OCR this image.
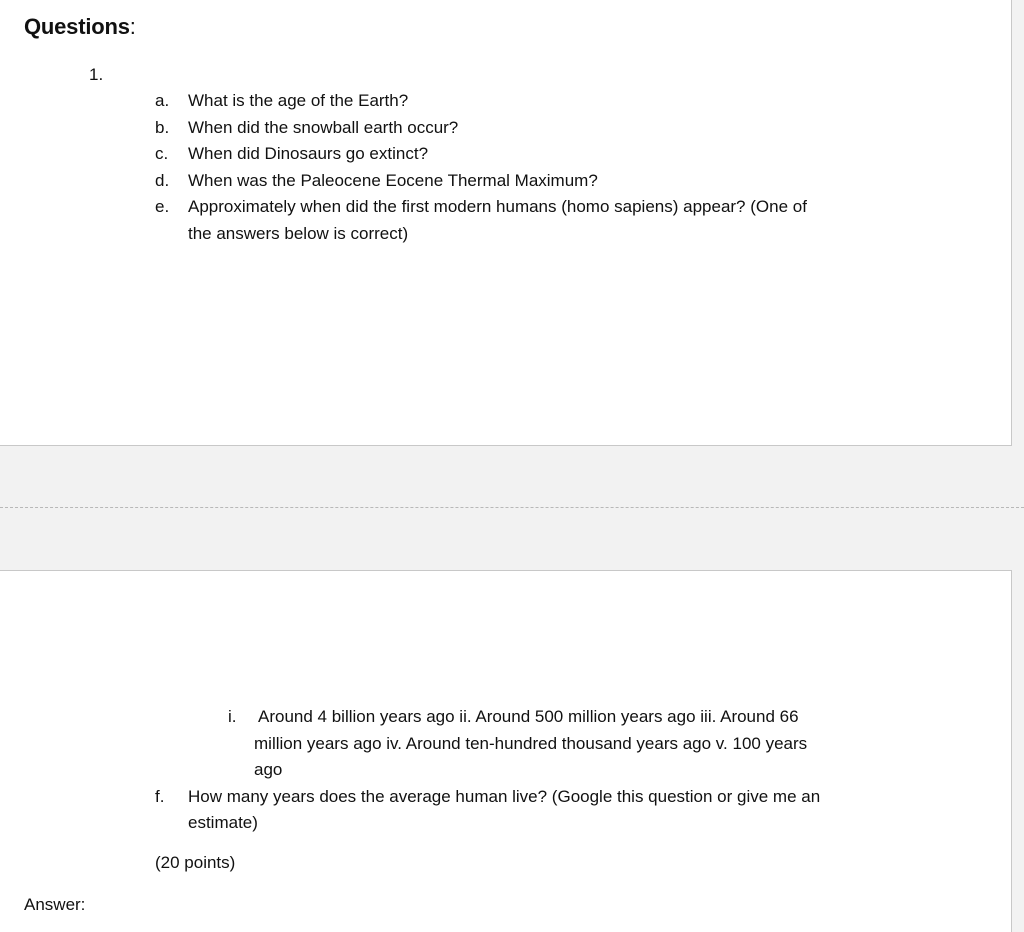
Questions:
1.
a.	What is the age of the Earth?
b.	When did the snowball earth occur?
c.	When did Dinosaurs go extinct?
d.	When was the Paleocene Eocene Thermal Maximum?
e.	Approximately when did the first modern humans (homo sapiens) appear? (One of
the answers below is correct)
i.	Around 4 billion years ago ii. Around 500 million years ago iii. Around 66
million years ago iv. Around ten-hundred thousand years ago v. 100 years
ago
f.	How many years does the average human live? (Google this question or give me an
estimate)
(20 points)
Answer:
